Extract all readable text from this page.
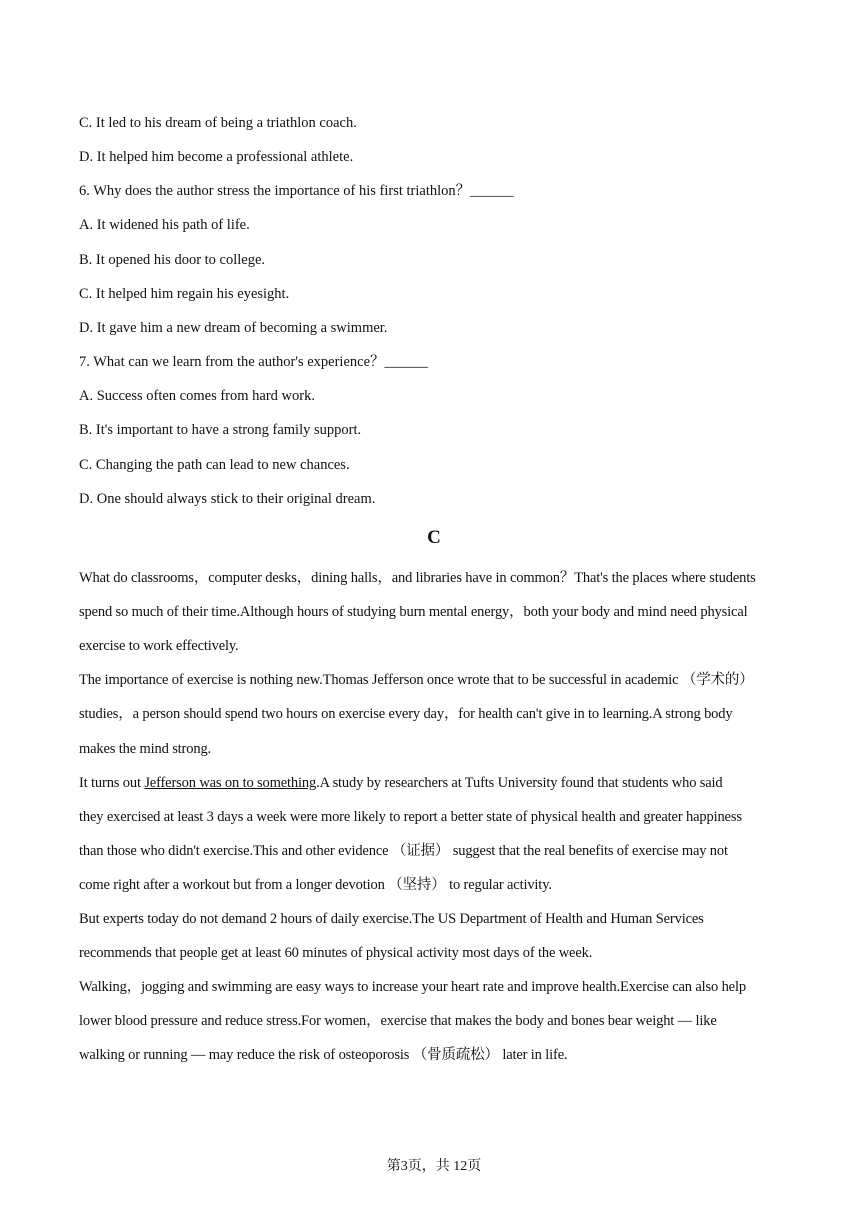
C. It led to his dream of being a triathlon coach.
D. It helped him become a professional athlete.
6. Why does the author stress the importance of his first triathlon？______
A. It widened his path of life.
B. It opened his door to college.
C. It helped him regain his eyesight.
D. It gave him a new dream of becoming a swimmer.
7. What can we learn from the author's experience？______
A. Success often comes from hard work.
B. It's important to have a strong family support.
C. Changing the path can lead to new chances.
D. One should always stick to their original dream.
C
What do classrooms，computer desks，dining halls，and libraries have in common？That's the places where students
spend so much of their time.Although hours of studying burn mental energy，both your body and mind need physical
exercise to work effectively.
The importance of exercise is nothing new.Thomas Jefferson once wrote that to be successful in academic （学术的）
studies，a person should spend two hours on exercise every day，for health can't give in to learning.A strong body
makes the mind strong.
It turns out Jefferson was on to something.A study by researchers at Tufts University found that students who said
they exercised at least 3 days a week were more likely to report a better state of physical health and greater happiness
than those who didn't exercise.This and other evidence （证据） suggest that the real benefits of exercise may not
come right after a workout but from a longer devotion （坚持） to regular activity.
But experts today do not demand 2 hours of daily exercise.The US Department of Health and Human Services
recommends that people get at least 60 minutes of physical activity most days of the week.
Walking，jogging and swimming are easy ways to increase your heart rate and improve health.Exercise can also help
lower blood pressure and reduce stress.For women，exercise that makes the body and bones bear weight — like
walking or running — may reduce the risk of osteoporosis （骨质疏松） later in life.
第3页，共 12页
